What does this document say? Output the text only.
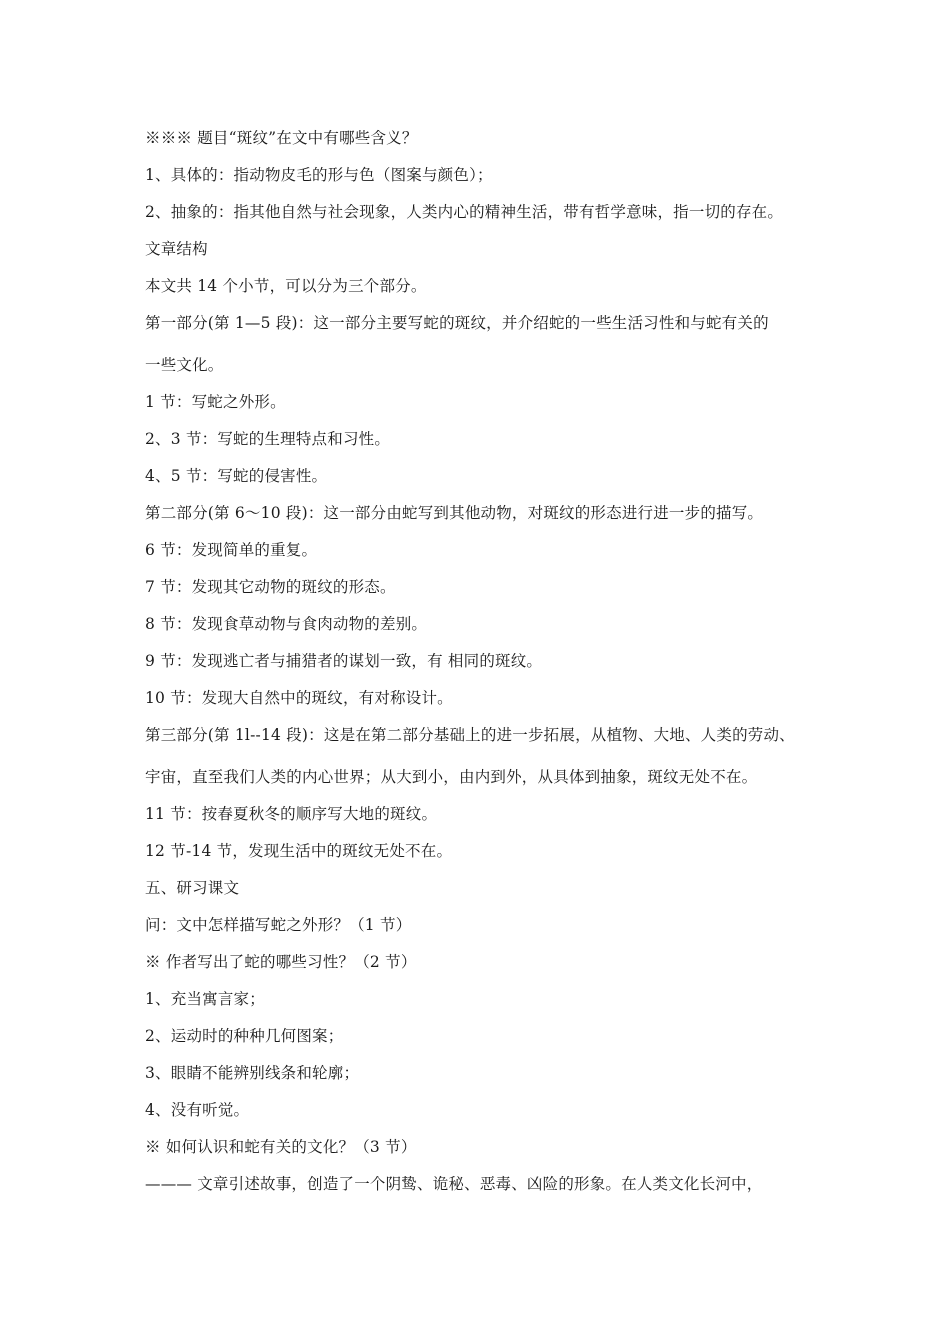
※※※ 题目“斑纹”在文中有哪些含义？
1、具体的：指动物皮毛的形与色（图案与颜色）；
2、抽象的：指其他自然与社会现象，人类内心的精神生活，带有哲学意味，指一切的存在。
文章结构
本文共 14 个小节，可以分为三个部分。
第一部分(第 1—5 段)：这一部分主要写蛇的斑纹，并介绍蛇的一些生活习性和与蛇有关的
一些文化。
1 节：写蛇之外形。
2、3 节：写蛇的生理特点和习性。
4、5 节：写蛇的侵害性。
第二部分(第 6～10 段)：这一部分由蛇写到其他动物，对斑纹的形态进行进一步的描写。
6 节：发现简单的重复。
7 节：发现其它动物的斑纹的形态。
8 节：发现食草动物与食肉动物的差别。
9 节：发现逃亡者与捕猎者的谋划一致，有 相同的斑纹。
10 节：发现大自然中的斑纹，有对称设计。
第三部分(第 1l--14 段)：这是在第二部分基础上的进一步拓展，从植物、大地、人类的劳动、
宇宙，直至我们人类的内心世界；从大到小，由内到外，从具体到抽象，斑纹无处不在。
11 节：按春夏秋冬的顺序写大地的斑纹。
12 节-14 节，发现生活中的斑纹无处不在。
五、研习课文
问：文中怎样描写蛇之外形？（1 节）
※ 作者写出了蛇的哪些习性？（2 节）
1、充当寓言家；
2、运动时的种种几何图案；
3、眼睛不能辨别线条和轮廓；
4、没有听觉。
※ 如何认识和蛇有关的文化？（3 节）
——— 文章引述故事，创造了一个阴鸷、诡秘、恶毒、凶险的形象。在人类文化长河中，
